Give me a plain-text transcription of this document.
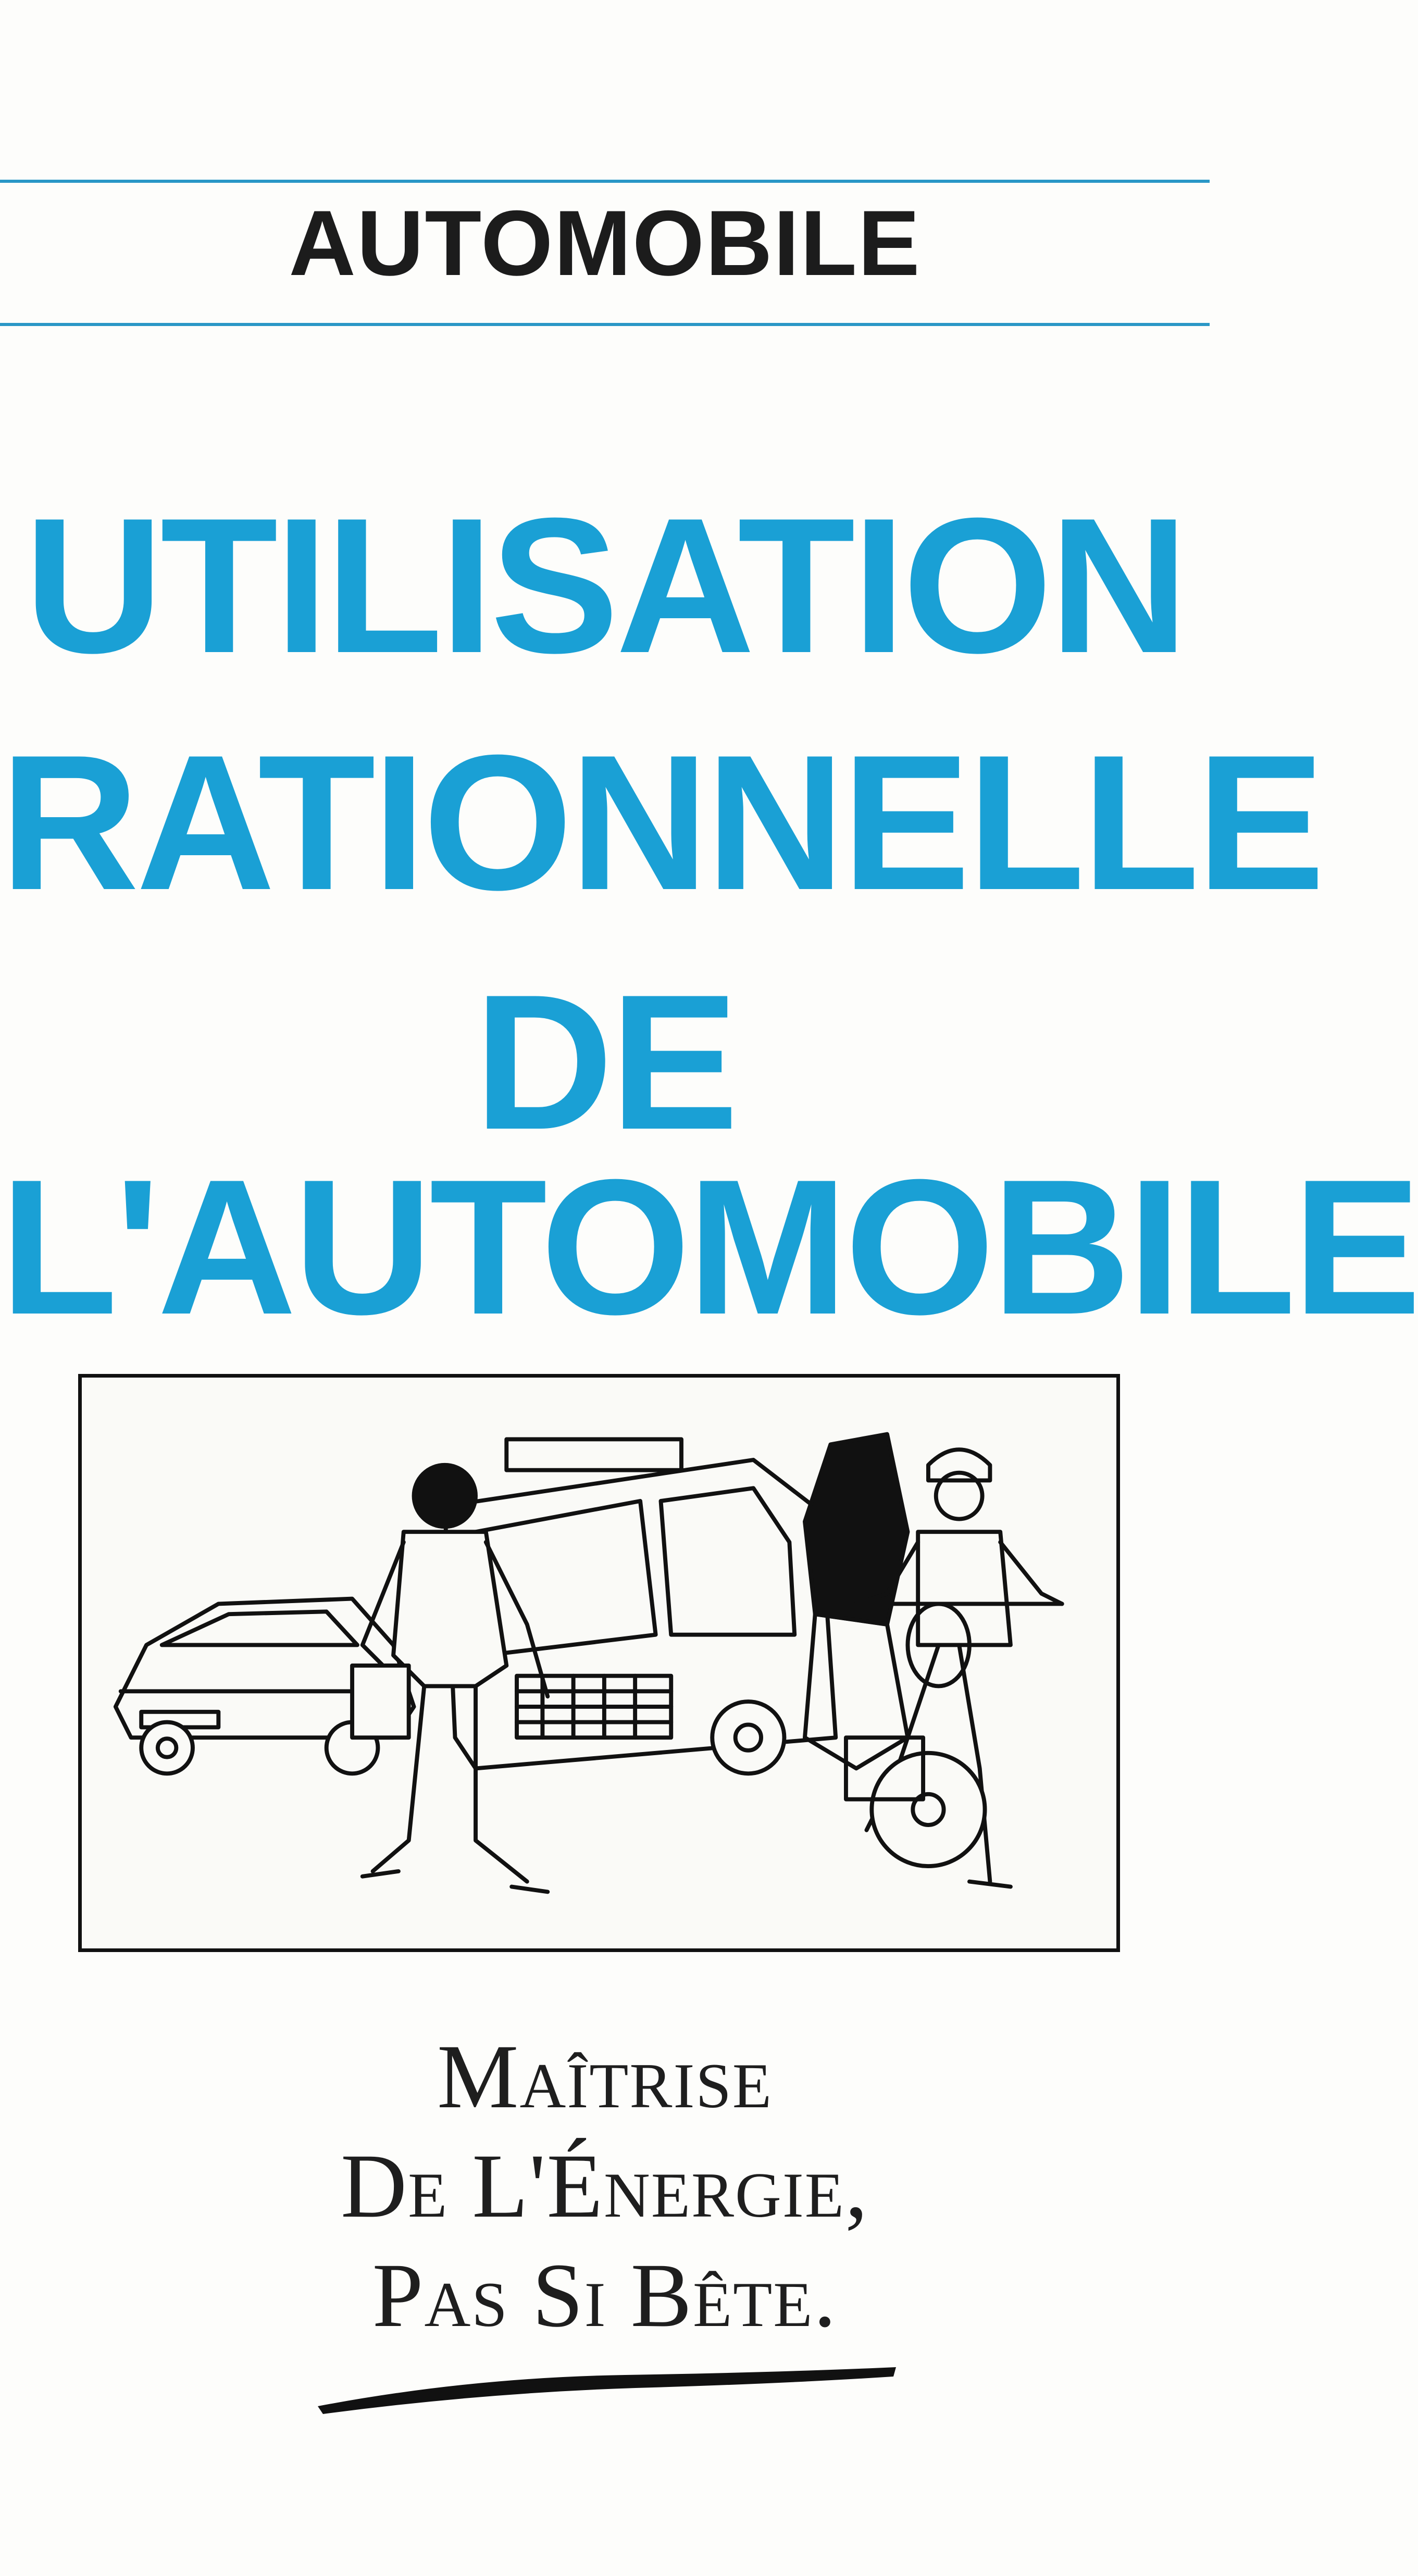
AUTOMOBILE
UTILISATION
RATIONNELLE
DE
L'AUTOMOBILE
Maîtrise
De L'Énergie,
Pas Si Bête.
